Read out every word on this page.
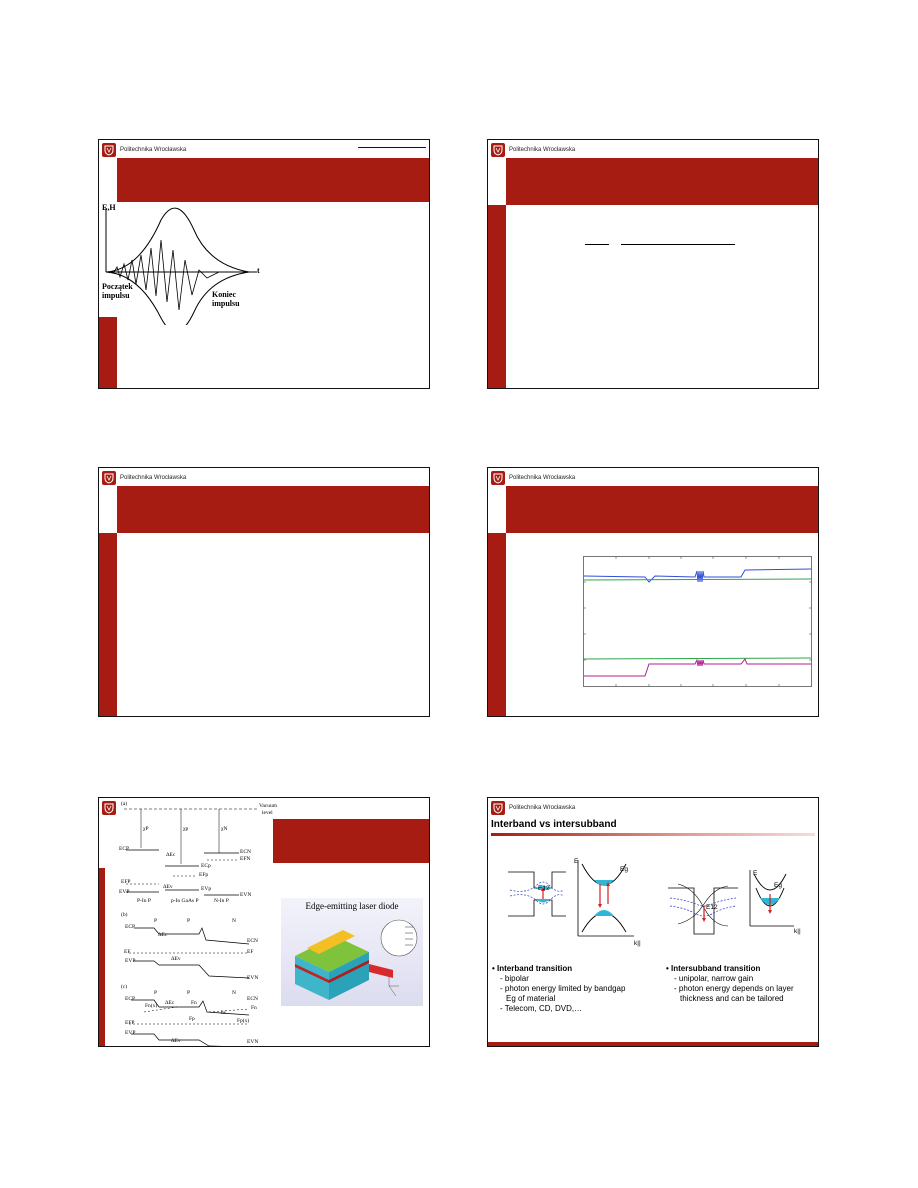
Politechnika Wrocławska
E,H
t
Początek
impulsu	Koniec
impulsu
Politechnika Wrocławska
Politechnika Wrocławska	Politechnika Wrocławska
(a)	Vacuum
level
χP	χp	χN
ECP
ΔEc	ECN
EFN
ECp
EFp
EFP
ΔEv	EVp
EVP	EVN
P-In P	p-In GaAs P	N-In P
(b)
P	P	N
ECP
ΔEc
ECN
EF	EF
EVP	ΔEv
EVN
(c)
P	P	N
ECP	ECN
Fn(x) ΔEc	Fn
hν
Fn
Fp	Fp(x)
EFP
ΔEv
EVP
EVN
Edge-emitting laser diode
Politechnika Wrocławska
Interband vs intersubband
E
Eg
E12
k||
E
Eg
E12
k||
• Interband transition
- bipolar
- photon energy limited by bandgap
Eg of material
- Telecom, CD, DVD,…
• Intersubband transition
- unipolar, narrow gain
- photon energy depends on layer
thickness and can be tailored
